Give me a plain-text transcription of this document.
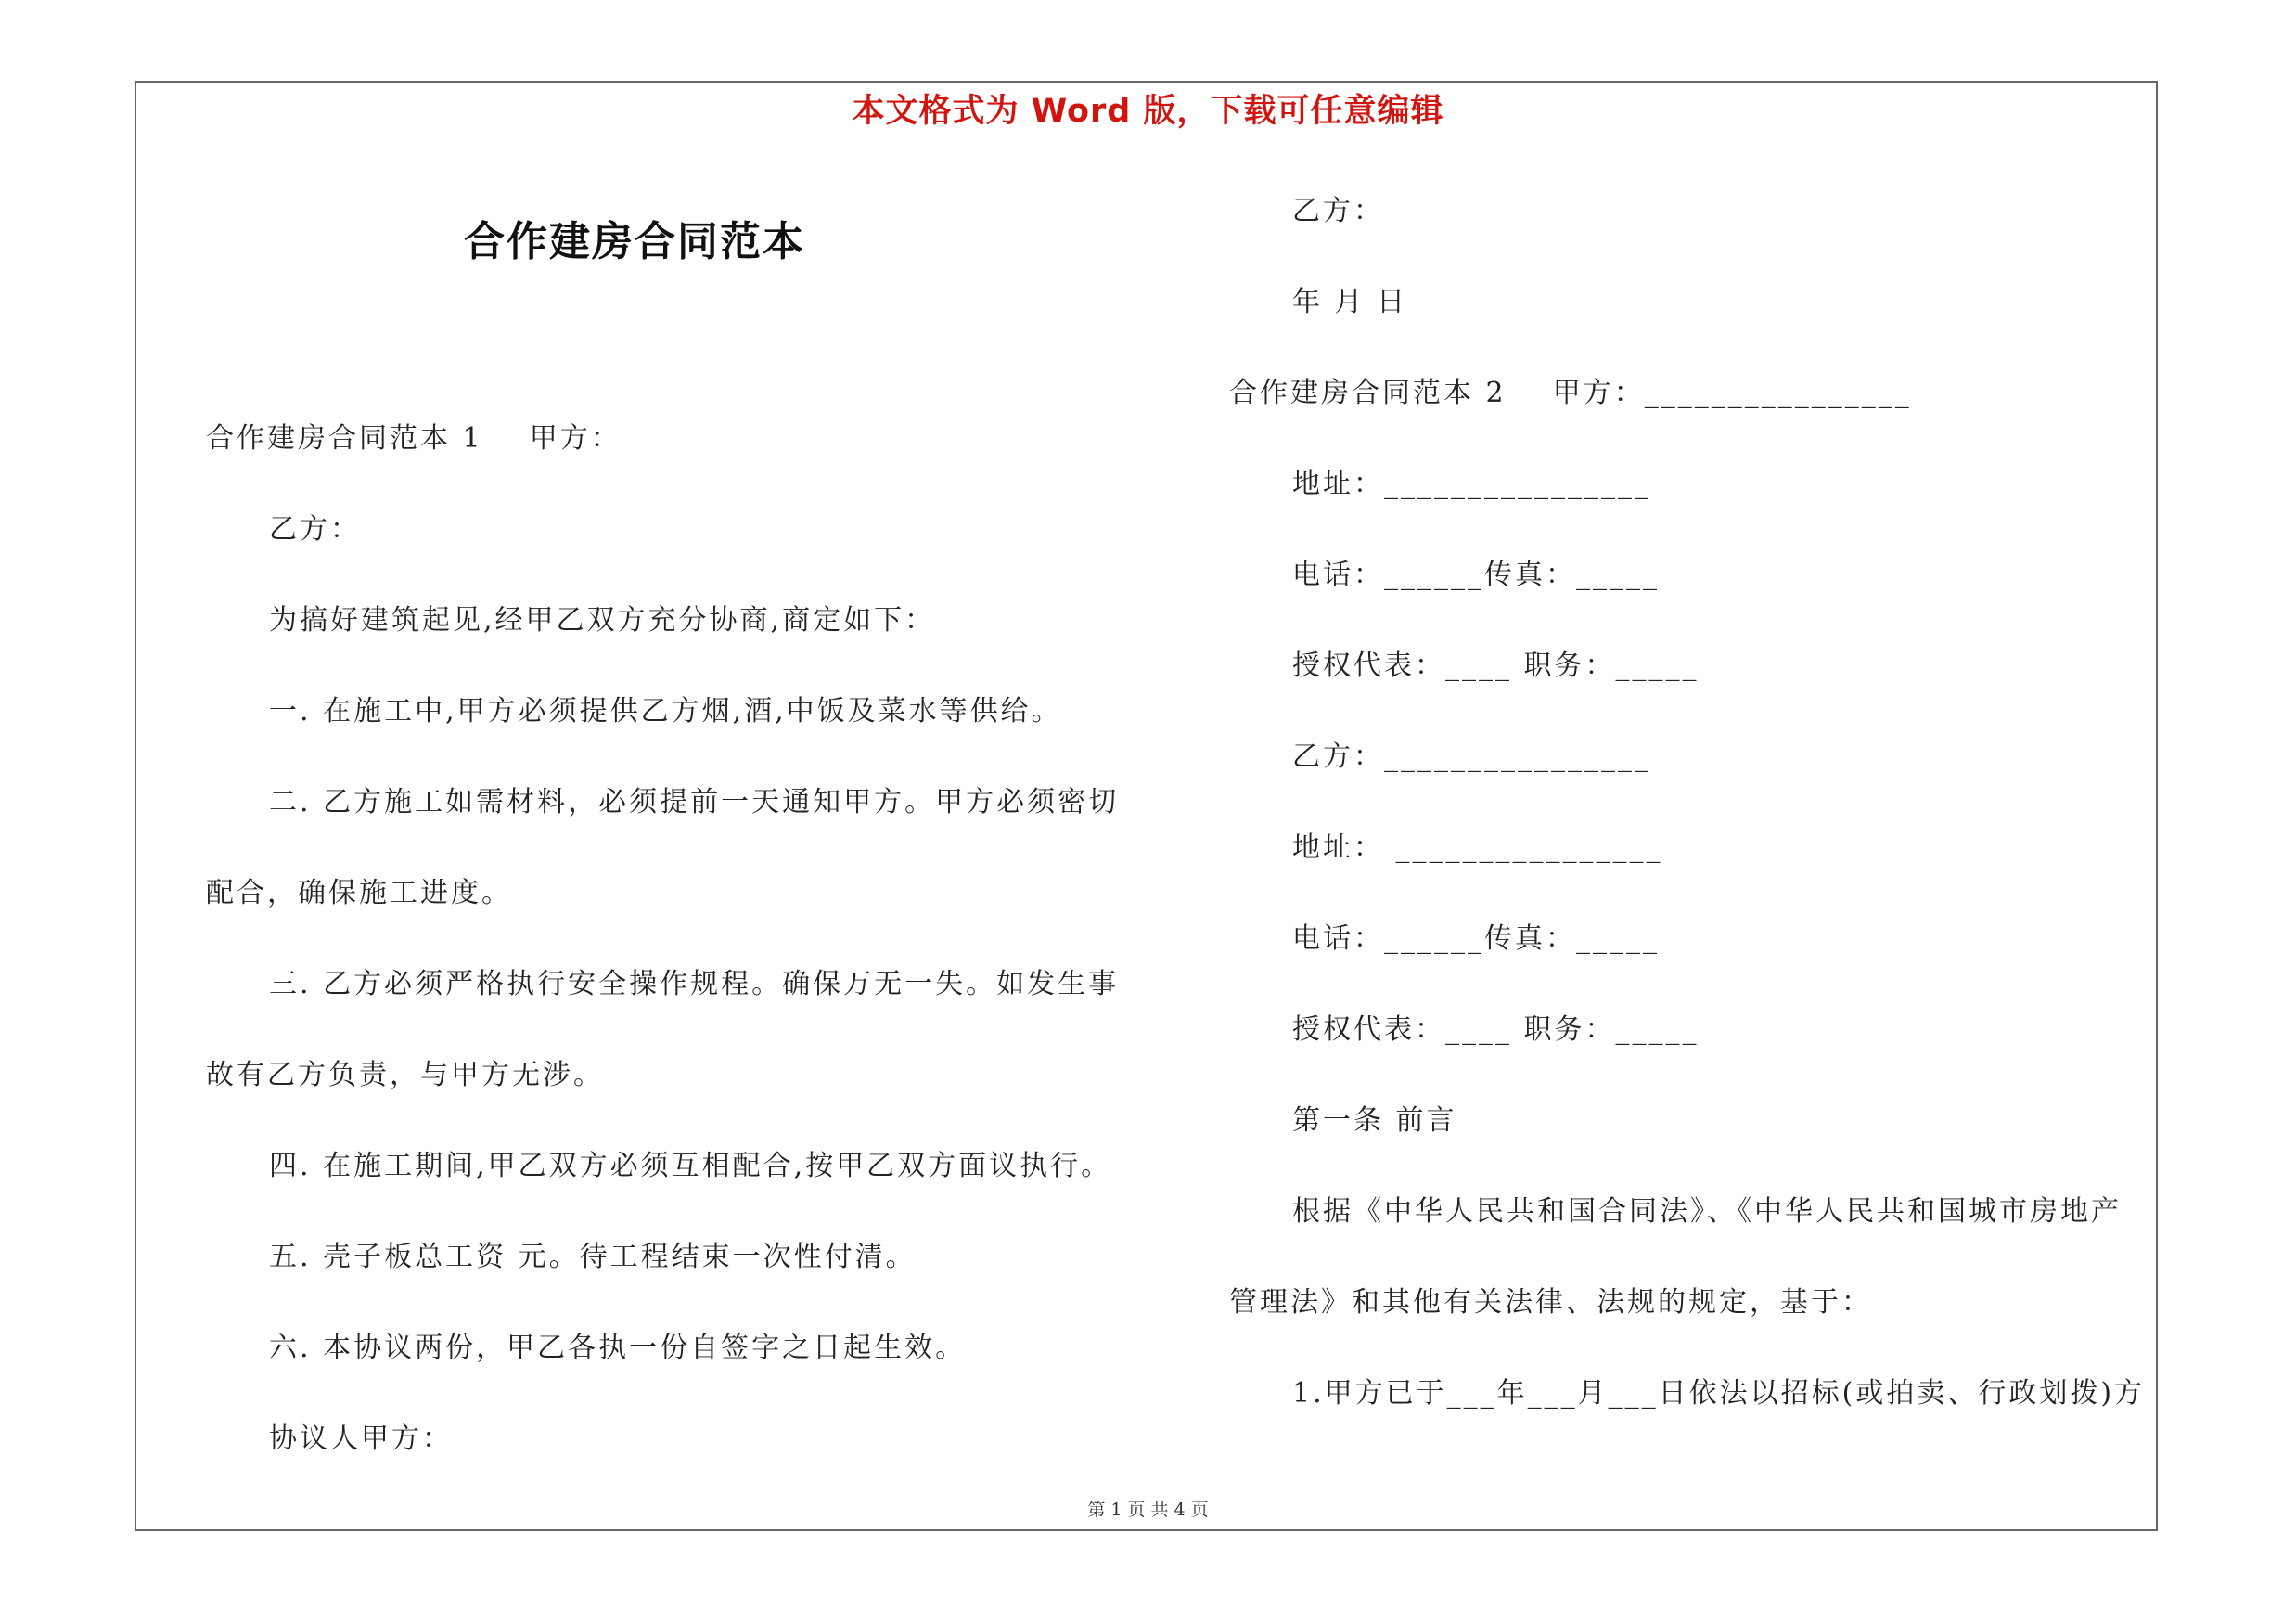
本文格式为 Word 版，下载可任意编辑
合作建房合同范本
合作建房合同范本 1    甲方：
乙方：
为搞好建筑起见,经甲乙双方充分协商,商定如下：
一. 在施工中,甲方必须提供乙方烟,酒,中饭及菜水等供给。
二. 乙方施工如需材料，必须提前一天通知甲方。甲方必须密切
配合，确保施工进度。
三. 乙方必须严格执行安全操作规程。确保万无一失。如发生事
故有乙方负责，与甲方无涉。
四. 在施工期间,甲乙双方必须互相配合,按甲乙双方面议执行。
五. 壳子板总工资 元。待工程结束一次性付清。
六. 本协议两份，甲乙各执一份自签字之日起生效。
协议人甲方：
乙方：
年 月 日
合作建房合同范本 2    甲方：________________
地址：________________
电话：______传真：_____
授权代表：____ 职务：_____
乙方：________________
地址： ________________
电话：______传真：_____
授权代表：____ 职务：_____
第一条 前言
根据《中华人民共和国合同法》、《中华人民共和国城市房地产
管理法》和其他有关法律、法规的规定，基于：
1.甲方已于___年___月___日依法以招标(或拍卖、行政划拨)方
第 1 页 共 4 页
